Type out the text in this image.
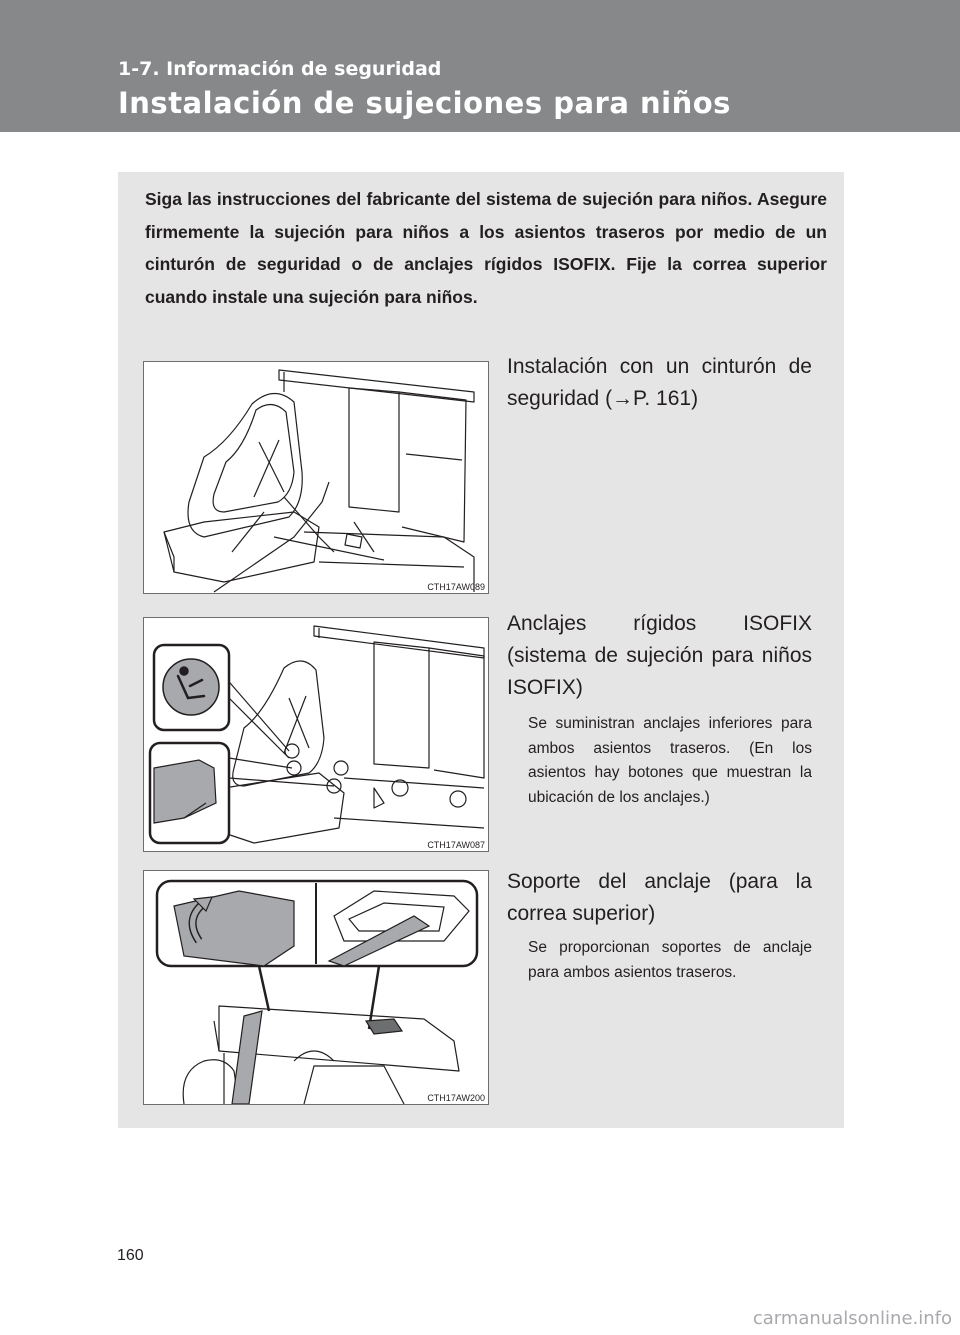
1-7. Información de seguridad
Instalación de sujeciones para niños
Siga las instrucciones del fabricante del sistema de sujeción para niños. Asegure firmemente la sujeción para niños a los asientos traseros por medio de un cinturón de seguridad o de anclajes rígidos ISOFIX. Fije la correa superior cuando instale una sujeción para niños.
CTH17AW089
Instalación con un cinturón de seguridad (→P. 161)
CTH17AW087
Anclajes rígidos ISOFIX (sistema de sujeción para niños ISOFIX)
Se suministran anclajes inferiores para ambos asientos traseros. (En los asientos hay botones que muestran la ubicación de los anclajes.)
CTH17AW200
Soporte del anclaje (para la correa superior)
Se proporcionan soportes de anclaje para ambos asientos traseros.
160
carmanualsonline.info
